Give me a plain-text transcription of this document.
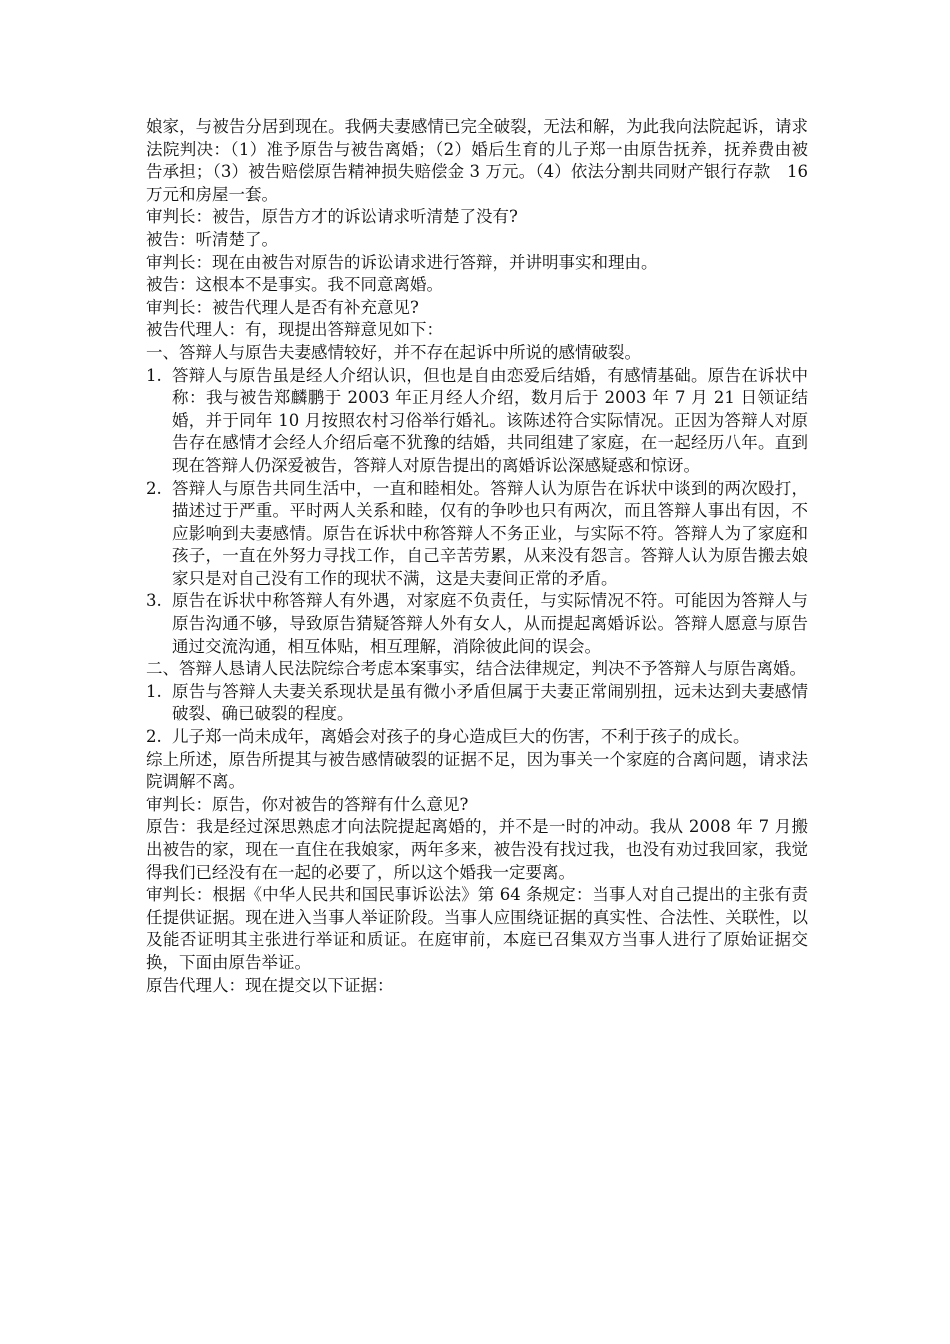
娘家，与被告分居到现在。我俩夫妻感情已完全破裂，无法和解，为此我向法院起诉，请求法院判决：（1）准予原告与被告离婚；（2）婚后生育的儿子郑一由原告抚养，抚养费由被告承担；（3）被告赔偿原告精神损失赔偿金 3 万元。（4）依法分割共同财产银行存款　16 万元和房屋一套。

审判长：被告，原告方才的诉讼请求听清楚了没有?

被告：听清楚了。

审判长：现在由被告对原告的诉讼请求进行答辩，并讲明事实和理由。

被告：这根本不是事实。我不同意离婚。

审判长：被告代理人是否有补充意见?

被告代理人：有，现提出答辩意见如下：

一、答辩人与原告夫妻感情较好，并不存在起诉中所说的感情破裂。

1. 答辩人与原告虽是经人介绍认识，但也是自由恋爱后结婚，有感情基础。原告在诉状中称：我与被告郑麟鹏于 2003 年正月经人介绍，数月后于 2003 年 7 月 21 日领证结婚，并于同年 10 月按照农村习俗举行婚礼。该陈述符合实际情况。正因为答辩人对原告存在感情才会经人介绍后毫不犹豫的结婚，共同组建了家庭，在一起经历八年。直到现在答辩人仍深爱被告，答辩人对原告提出的离婚诉讼深感疑惑和惊讶。

2. 答辩人与原告共同生活中，一直和睦相处。答辩人认为原告在诉状中谈到的两次殴打，描述过于严重。平时两人关系和睦，仅有的争吵也只有两次，而且答辩人事出有因，不应影响到夫妻感情。原告在诉状中称答辩人不务正业，与实际不符。答辩人为了家庭和孩子，一直在外努力寻找工作，自己辛苦劳累，从来没有怨言。答辩人认为原告搬去娘家只是对自己没有工作的现状不满，这是夫妻间正常的矛盾。

3. 原告在诉状中称答辩人有外遇，对家庭不负责任，与实际情况不符。可能因为答辩人与原告沟通不够，导致原告猜疑答辩人外有女人，从而提起离婚诉讼。答辩人愿意与原告通过交流沟通，相互体贴，相互理解，消除彼此间的误会。

二、答辩人恳请人民法院综合考虑本案事实，结合法律规定，判决不予答辩人与原告离婚。

1. 原告与答辩人夫妻关系现状是虽有微小矛盾但属于夫妻正常闹别扭，远未达到夫妻感情破裂、确已破裂的程度。

2. 儿子郑一尚未成年，离婚会对孩子的身心造成巨大的伤害，不利于孩子的成长。

综上所述，原告所提其与被告感情破裂的证据不足，因为事关一个家庭的合离问题，请求法院调解不离。

审判长：原告，你对被告的答辩有什么意见?

原告：我是经过深思熟虑才向法院提起离婚的，并不是一时的冲动。我从 2008 年 7 月搬出被告的家，现在一直住在我娘家，两年多来，被告没有找过我，也没有劝过我回家，我觉得我们已经没有在一起的必要了，所以这个婚我一定要离。

审判长：根据《中华人民共和国民事诉讼法》第 64 条规定：当事人对自己提出的主张有责任提供证据。现在进入当事人举证阶段。当事人应围绕证据的真实性、合法性、关联性，以及能否证明其主张进行举证和质证。在庭审前，本庭已召集双方当事人进行了原始证据交换，下面由原告举证。

原告代理人：现在提交以下证据：
